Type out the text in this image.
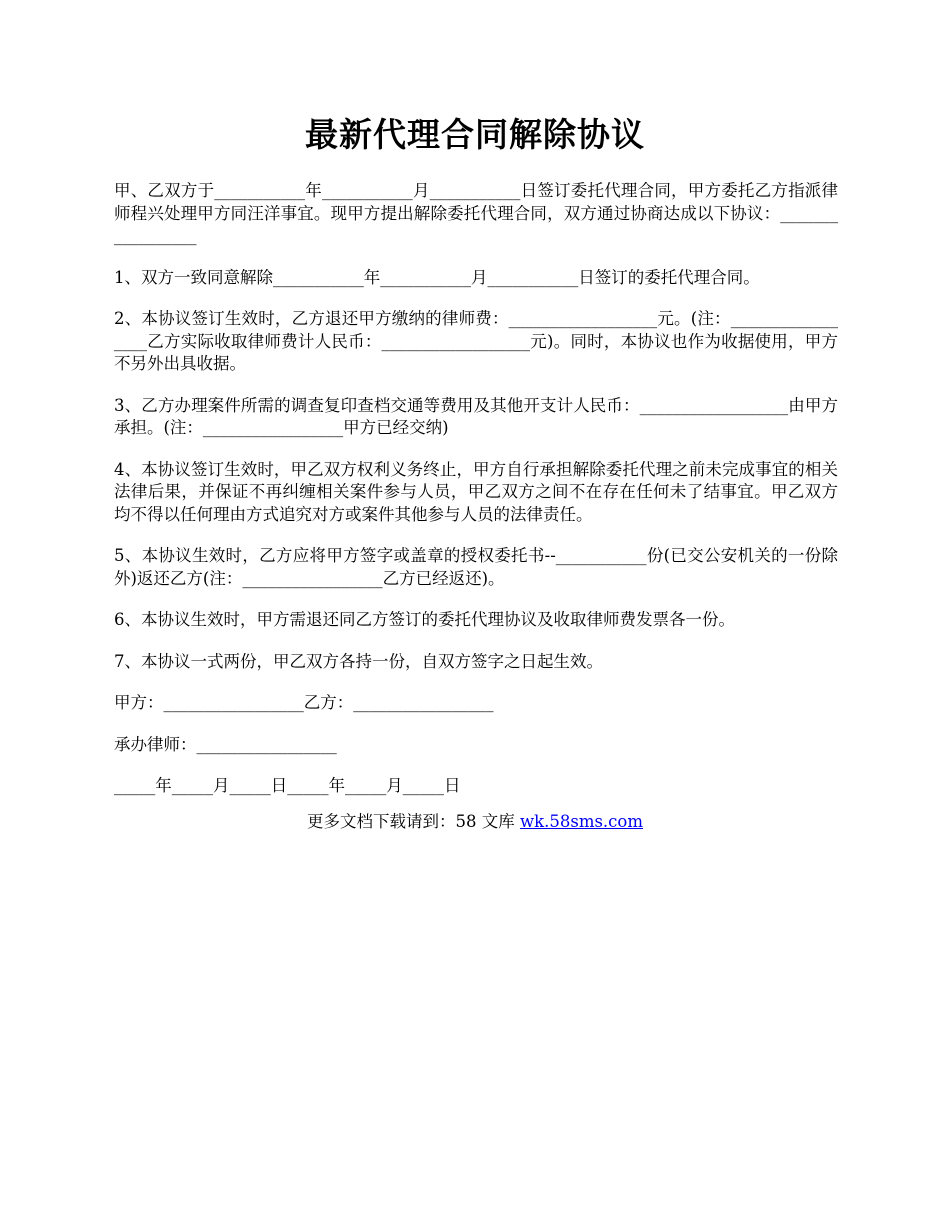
最新代理合同解除协议

甲、乙双方于___________年___________月___________日签订委托代理合同，甲方委托乙方指派律师程兴处理甲方同汪洋事宜。现甲方提出解除委托代理合同，双方通过协商达成以下协议：_________________

1、双方一致同意解除___________年___________月___________日签订的委托代理合同。

2、本协议签订生效时，乙方退还甲方缴纳的律师费：__________________元。(注：_________________乙方实际收取律师费计人民币：__________________元)。同时，本协议也作为收据使用，甲方不另外出具收据。

3、乙方办理案件所需的调查复印查档交通等费用及其他开支计人民币：__________________由甲方承担。(注：_________________甲方已经交纳)

4、本协议签订生效时，甲乙双方权利义务终止，甲方自行承担解除委托代理之前未完成事宜的相关法律后果，并保证不再纠缠相关案件参与人员，甲乙双方之间不在存在任何未了结事宜。甲乙双方均不得以任何理由方式追究对方或案件其他参与人员的法律责任。

5、本协议生效时，乙方应将甲方签字或盖章的授权委托书--___________份(已交公安机关的一份除外)返还乙方(注：_________________乙方已经返还)。

6、本协议生效时，甲方需退还同乙方签订的委托代理协议及收取律师费发票各一份。

7、本协议一式两份，甲乙双方各持一份，自双方签字之日起生效。

甲方：_________________乙方：_________________

承办律师：_________________

_____年_____月_____日_____年_____月_____日

更多文档下载请到：58 文库 wk.58sms.com
